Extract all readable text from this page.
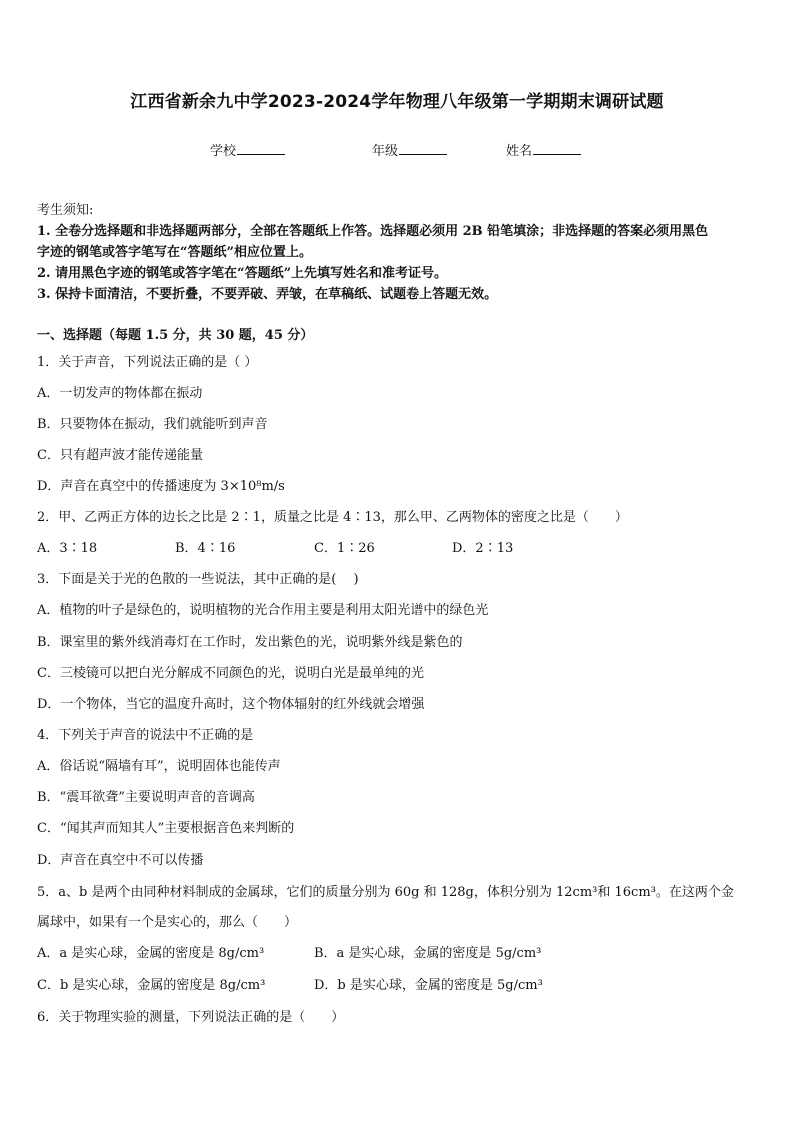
江西省新余九中学2023-2024学年物理八年级第一学期期末调研试题
学校	年级	姓名
考生须知:
1. 全卷分选择题和非选择题两部分，全部在答题纸上作答。选择题必须用 2B 铅笔填涂；非选择题的答案必须用黑色
字迹的钢笔或答字笔写在“答题纸”相应位置上。
2. 请用黑色字迹的钢笔或答字笔在“答题纸”上先填写姓名和准考证号。
3. 保持卡面清洁，不要折叠，不要弄破、弄皱，在草稿纸、试题卷上答题无效。
一、选择题（每题 1.5 分，共 30 题，45 分）
1．关于声音，下列说法正确的是（ ）
A．一切发声的物体都在振动
B．只要物体在振动，我们就能听到声音
C．只有超声波才能传递能量
D．声音在真空中的传播速度为 3×10⁸m/s
2．甲、乙两正方体的边长之比是 2∶1，质量之比是 4∶13，那么甲、乙两物体的密度之比是（　　）
A．3∶18	B．4∶16	C．1∶26	D．2∶13
3．下面是关于光的色散的一些说法，其中正确的是(　 )
A．植物的叶子是绿色的，说明植物的光合作用主要是利用太阳光谱中的绿色光
B．课室里的紫外线消毒灯在工作时，发出紫色的光，说明紫外线是紫色的
C．三棱镜可以把白光分解成不同颜色的光，说明白光是最单纯的光
D．一个物体，当它的温度升高时，这个物体辐射的红外线就会增强
4．下列关于声音的说法中不正确的是
A．俗话说“隔墙有耳”，说明固体也能传声
B．“震耳欲聋”主要说明声音的音调高
C．“闻其声而知其人”主要根据音色来判断的
D．声音在真空中不可以传播
5．a、b 是两个由同种材料制成的金属球，它们的质量分别为 60g 和 128g，体积分别为 12cm³和 16cm³。在这两个金
属球中，如果有一个是实心的，那么（　　）
A．a 是实心球，金属的密度是 8g/cm³	B．a 是实心球，金属的密度是 5g/cm³
C．b 是实心球，金属的密度是 8g/cm³	D．b 是实心球，金属的密度是 5g/cm³
6．关于物理实验的测量，下列说法正确的是（　　）
